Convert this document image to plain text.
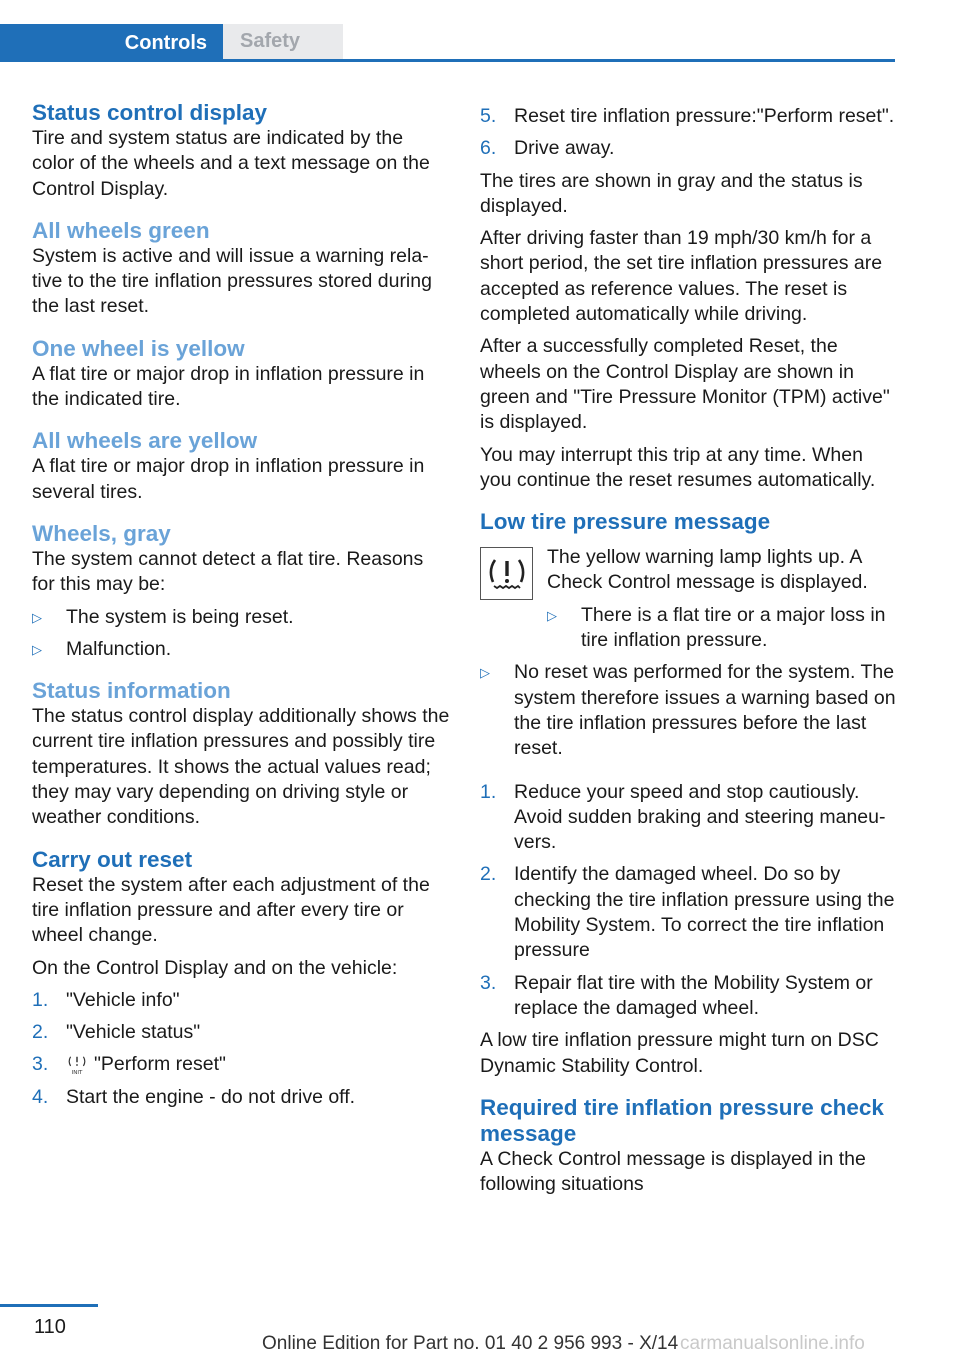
Controls	Safety
Status control display

Tire and system status are indicated by the color of the wheels and a text message on the Control Display.

All wheels green

System is active and will issue a warning relative to the tire inflation pressures stored during the last reset.

One wheel is yellow

A flat tire or major drop in inflation pressure in the indicated tire.

All wheels are yellow

A flat tire or major drop in inflation pressure in several tires.

Wheels, gray

The system cannot detect a flat tire. Reasons for this may be:

▷ The system is being reset.
▷ Malfunction.
Status information

The status control display additionally shows the current tire inflation pressures and possibly tire temperatures. It shows the actual values read; they may vary depending on driving style or weather conditions.

Carry out reset

Reset the system after each adjustment of the tire inflation pressure and after every tire or wheel change.

On the Control Display and on the vehicle:

1. "Vehicle info"
2. "Vehicle status"
3.	INIT "Perform reset"
4. Start the engine - do not drive off.
5. Reset tire inflation pressure:"Perform reset".
6. Drive away.

The tires are shown in gray and the status is displayed.

After driving faster than 19 mph/30 km/h for a short period, the set tire inflation pressures are accepted as reference values. The reset is completed automatically while driving.

After a successfully completed Reset, the wheels on the Control Display are shown in green and "Tire Pressure Monitor (TPM) active" is displayed.

You may interrupt this trip at any time. When you continue the reset resumes automatically.

Low tire pressure message

The yellow warning lamp lights up. A Check Control message is displayed.

▷ There is a flat tire or a major loss in tire inflation pressure.
▷ No reset was performed for the system. The system therefore issues a warning based on the tire inflation pressures before the last reset.
1. Reduce your speed and stop cautiously. Avoid sudden braking and steering maneuvers.
2. Identify the damaged wheel. Do so by checking the tire inflation pressure using the Mobility System. To correct the tire inflation pressure
3. Repair flat tire with the Mobility System or replace the damaged wheel.

A low tire inflation pressure might turn on DSC Dynamic Stability Control.

Required tire inflation pressure check message

A Check Control message is displayed in the following situations

110
Online Edition for Part no. 01 40 2 956 993 - X/14 carmanualsonline.info
